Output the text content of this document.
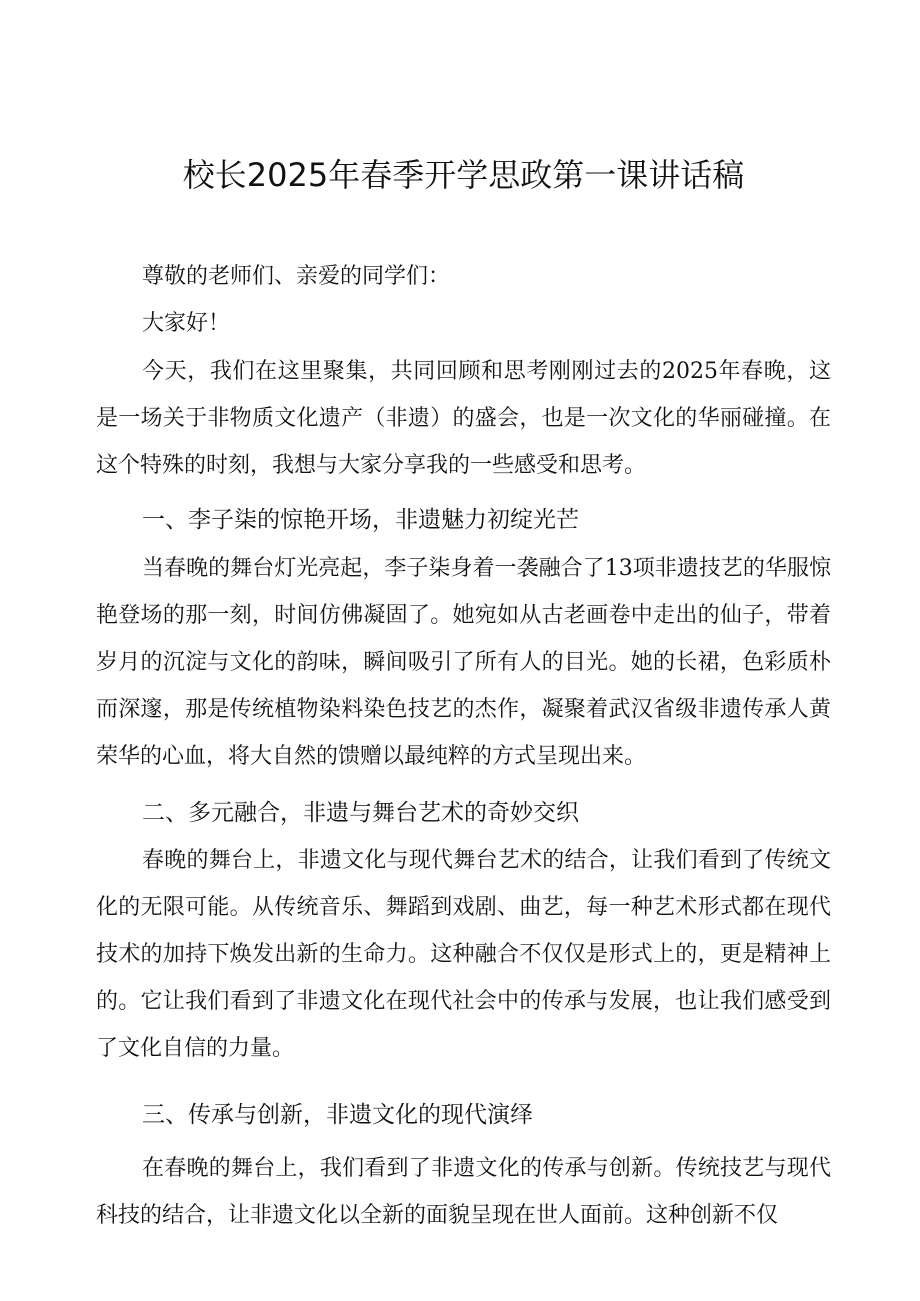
校长2025年春季开学思政第一课讲话稿

尊敬的老师们、亲爱的同学们：

大家好！

今天，我们在这里聚集，共同回顾和思考刚刚过去的2025年春晚，这是一场关于非物质文化遗产（非遗）的盛会，也是一次文化的华丽碰撞。在这个特殊的时刻，我想与大家分享我的一些感受和思考。

一、李子柒的惊艳开场，非遗魅力初绽光芒

当春晚的舞台灯光亮起，李子柒身着一袭融合了13项非遗技艺的华服惊艳登场的那一刻，时间仿佛凝固了。她宛如从古老画卷中走出的仙子，带着岁月的沉淀与文化的韵味，瞬间吸引了所有人的目光。她的长裙，色彩质朴而深邃，那是传统植物染料染色技艺的杰作，凝聚着武汉省级非遗传承人黄荣华的心血，将大自然的馈赠以最纯粹的方式呈现出来。

二、多元融合，非遗与舞台艺术的奇妙交织

春晚的舞台上，非遗文化与现代舞台艺术的结合，让我们看到了传统文化的无限可能。从传统音乐、舞蹈到戏剧、曲艺，每一种艺术形式都在现代技术的加持下焕发出新的生命力。这种融合不仅仅是形式上的，更是精神上的。它让我们看到了非遗文化在现代社会中的传承与发展，也让我们感受到了文化自信的力量。

三、传承与创新，非遗文化的现代演绎

在春晚的舞台上，我们看到了非遗文化的传承与创新。传统技艺与现代科技的结合，让非遗文化以全新的面貌呈现在世人面前。这种创新不仅
